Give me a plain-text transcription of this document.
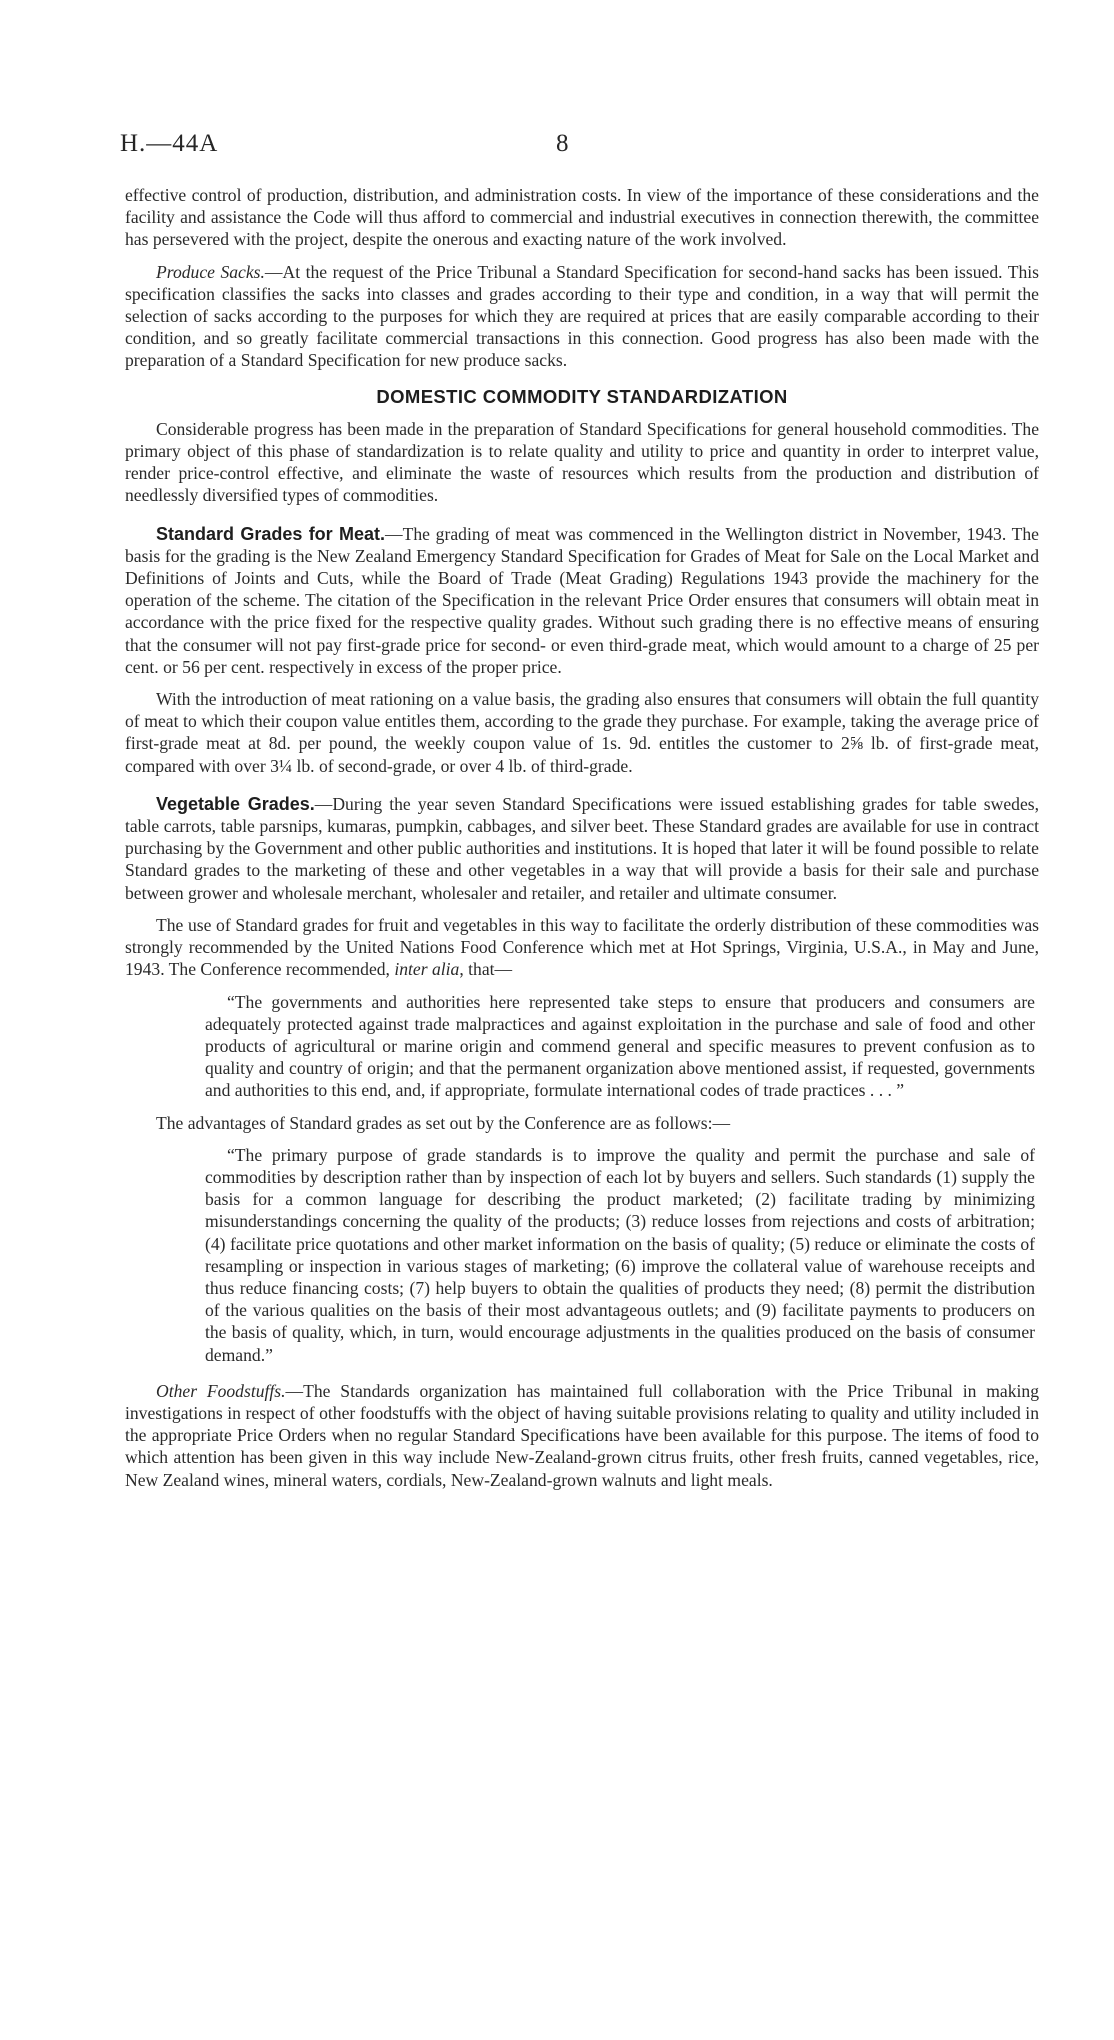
H.—44A	8

effective control of production, distribution, and administration costs. In view of the importance of these considerations and the facility and assistance the Code will thus afford to commercial and industrial executives in connection therewith, the committee has persevered with the project, despite the onerous and exacting nature of the work involved.

Produce Sacks.—At the request of the Price Tribunal a Standard Specification for second-hand sacks has been issued. This specification classifies the sacks into classes and grades according to their type and condition, in a way that will permit the selection of sacks according to the purposes for which they are required at prices that are easily comparable according to their condition, and so greatly facilitate commercial transactions in this connection. Good progress has also been made with the preparation of a Standard Specification for new produce sacks.

DOMESTIC COMMODITY STANDARDIZATION

Considerable progress has been made in the preparation of Standard Specifications for general household commodities. The primary object of this phase of standardization is to relate quality and utility to price and quantity in order to interpret value, render price-control effective, and eliminate the waste of resources which results from the production and distribution of needlessly diversified types of commodities.

Standard Grades for Meat.—The grading of meat was commenced in the Wellington district in November, 1943. The basis for the grading is the New Zealand Emergency Standard Specification for Grades of Meat for Sale on the Local Market and Definitions of Joints and Cuts, while the Board of Trade (Meat Grading) Regulations 1943 provide the machinery for the operation of the scheme. The citation of the Specification in the relevant Price Order ensures that consumers will obtain meat in accordance with the price fixed for the respective quality grades. Without such grading there is no effective means of ensuring that the consumer will not pay first-grade price for second- or even third-grade meat, which would amount to a charge of 25 per cent. or 56 per cent. respectively in excess of the proper price.

With the introduction of meat rationing on a value basis, the grading also ensures that consumers will obtain the full quantity of meat to which their coupon value entitles them, according to the grade they purchase. For example, taking the average price of first-grade meat at 8d. per pound, the weekly coupon value of 1s. 9d. entitles the customer to 2⅝ lb. of first-grade meat, compared with over 3¼ lb. of second-grade, or over 4 lb. of third-grade.

Vegetable Grades.—During the year seven Standard Specifications were issued establishing grades for table swedes, table carrots, table parsnips, kumaras, pumpkin, cabbages, and silver beet. These Standard grades are available for use in contract purchasing by the Government and other public authorities and institutions. It is hoped that later it will be found possible to relate Standard grades to the marketing of these and other vegetables in a way that will provide a basis for their sale and purchase between grower and wholesale merchant, wholesaler and retailer, and retailer and ultimate consumer.

The use of Standard grades for fruit and vegetables in this way to facilitate the orderly distribution of these commodities was strongly recommended by the United Nations Food Conference which met at Hot Springs, Virginia, U.S.A., in May and June, 1943. The Conference recommended, inter alia, that—

“The governments and authorities here represented take steps to ensure that producers and consumers are adequately protected against trade malpractices and against exploitation in the purchase and sale of food and other products of agricultural or marine origin and commend general and specific measures to prevent confusion as to quality and country of origin; and that the permanent organization above mentioned assist, if requested, governments and authorities to this end, and, if appropriate, formulate international codes of trade practices . . . ”

The advantages of Standard grades as set out by the Conference are as follows:—

“The primary purpose of grade standards is to improve the quality and permit the purchase and sale of commodities by description rather than by inspection of each lot by buyers and sellers. Such standards (1) supply the basis for a common language for describing the product marketed; (2) facilitate trading by minimizing misunderstandings concerning the quality of the products; (3) reduce losses from rejections and costs of arbitration; (4) facilitate price quotations and other market information on the basis of quality; (5) reduce or eliminate the costs of resampling or inspection in various stages of marketing; (6) improve the collateral value of warehouse receipts and thus reduce financing costs; (7) help buyers to obtain the qualities of products they need; (8) permit the distribution of the various qualities on the basis of their most advantageous outlets; and (9) facilitate payments to producers on the basis of quality, which, in turn, would encourage adjustments in the qualities produced on the basis of consumer demand.”

Other Foodstuffs.—The Standards organization has maintained full collaboration with the Price Tribunal in making investigations in respect of other foodstuffs with the object of having suitable provisions relating to quality and utility included in the appropriate Price Orders when no regular Standard Specifications have been available for this purpose. The items of food to which attention has been given in this way include New-Zealand-grown citrus fruits, other fresh fruits, canned vegetables, rice, New Zealand wines, mineral waters, cordials, New-Zealand-grown walnuts and light meals.
